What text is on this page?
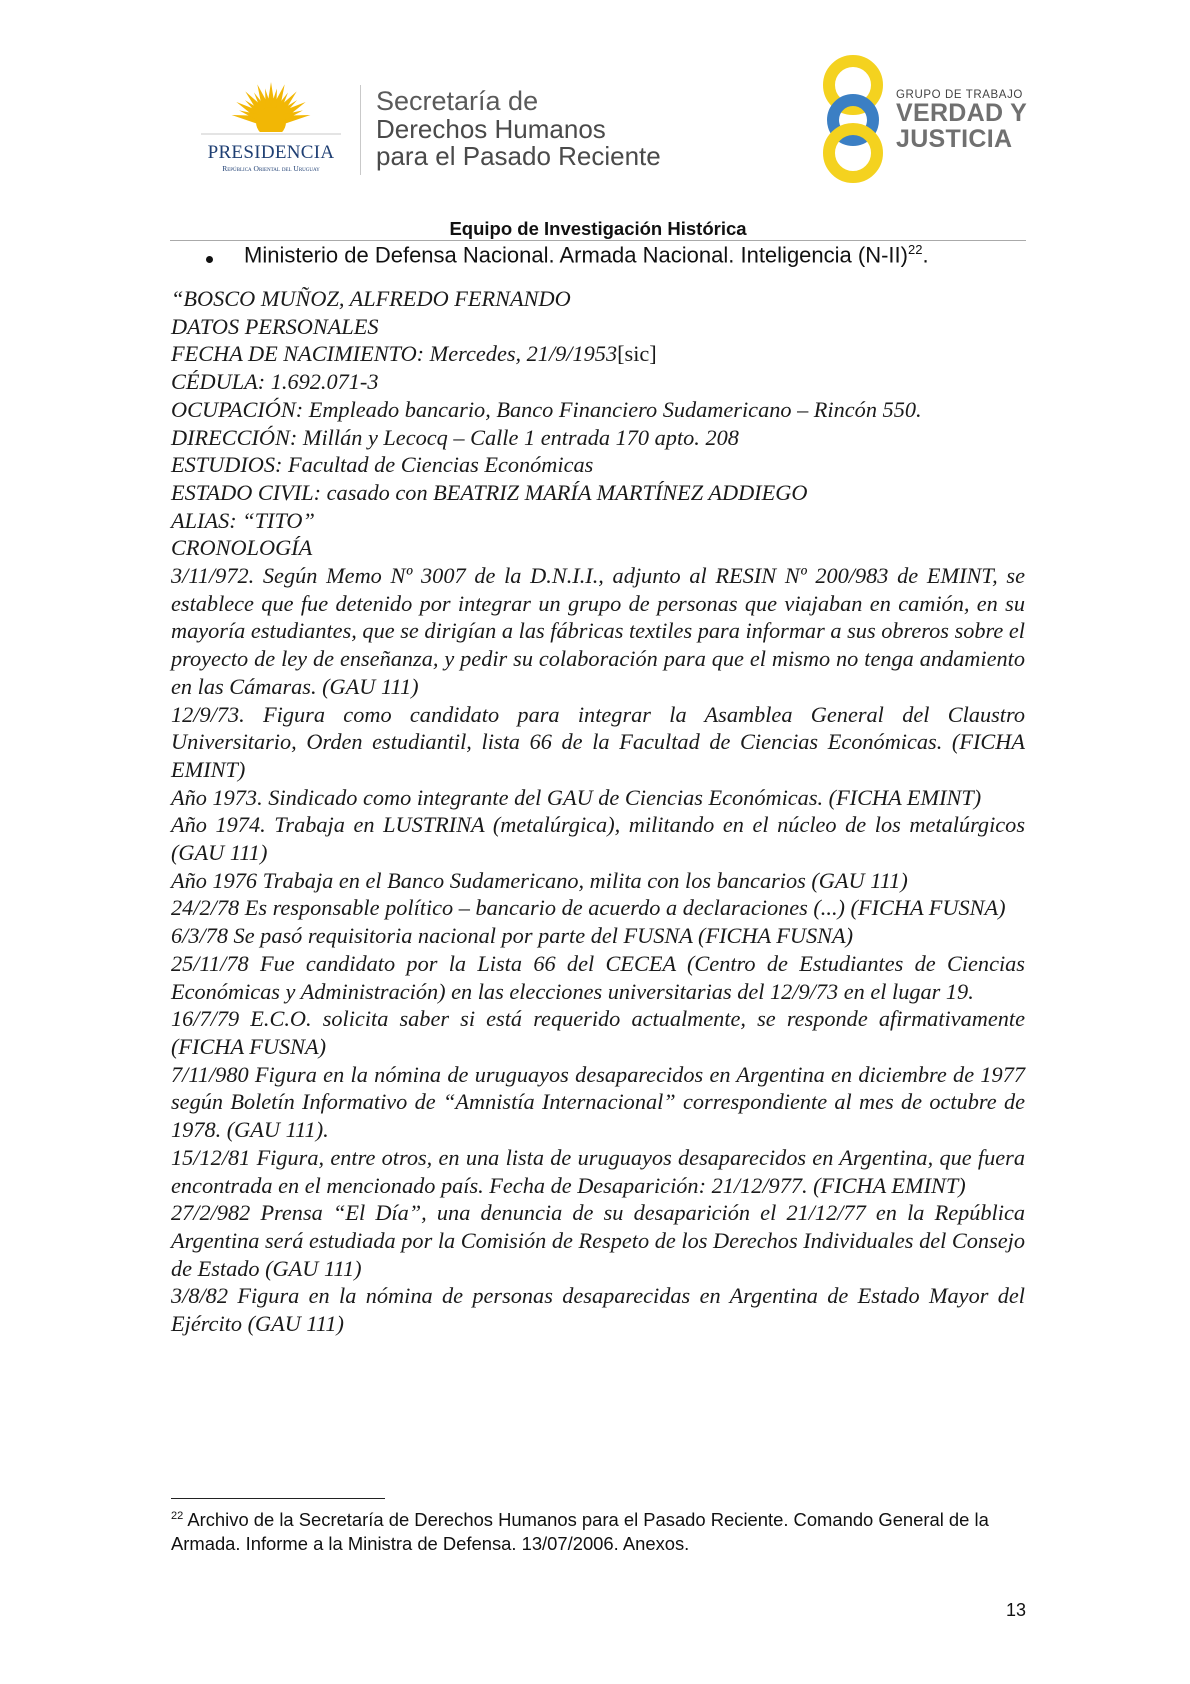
PRESIDENCIA
República Oriental del Uruguay
Secretaría de
Derechos Humanos
para el Pasado Reciente
GRUPO DE TRABAJO
VERDAD Y
JUSTICIA
Equipo de Investigación Histórica
Ministerio de Defensa Nacional. Armada Nacional. Inteligencia $(N-II)^{22}$.

“BOSCO MUÑOZ, ALFREDO FERNANDO

DATOS PERSONALES

FECHA DE NACIMIENTO: Mercedes, 21/9/1953[sic]

CÉDULA: 1.692.071-3

OCUPACIÓN: Empleado bancario, Banco Financiero Sudamericano – Rincón 550.

DIRECCIÓN: Millán y Lecocq – Calle 1 entrada 170 apto. 208

ESTUDIOS: Facultad de Ciencias Económicas

ESTADO CIVIL: casado con BEATRIZ MARÍA MARTÍNEZ ADDIEGO

ALIAS: “TITO”

CRONOLOGÍA

3/11/972. Según Memo Nº 3007 de la D.N.I.I., adjunto al RESIN Nº 200/983 de EMINT, se establece que fue detenido por integrar un grupo de personas que viajaban en camión, en su mayoría estudiantes, que se dirigían a las fábricas textiles para informar a sus obreros sobre el proyecto de ley de enseñanza, y pedir su colaboración para que el mismo no tenga andamiento en las Cámaras. (GAU 111)

12/9/73. Figura como candidato para integrar la Asamblea General del Claustro Universitario, Orden estudiantil, lista 66 de la Facultad de Ciencias Económicas. (FICHA EMINT)

Año 1973. Sindicado como integrante del GAU de Ciencias Económicas. (FICHA EMINT)

Año 1974. Trabaja en LUSTRINA (metalúrgica), militando en el núcleo de los metalúrgicos (GAU 111)

Año 1976 Trabaja en el Banco Sudamericano, milita con los bancarios (GAU 111)

24/2/78 Es responsable político – bancario de acuerdo a declaraciones (...) (FICHA FUSNA)

6/3/78 Se pasó requisitoria nacional por parte del FUSNA (FICHA FUSNA)

25/11/78 Fue candidato por la Lista 66 del CECEA (Centro de Estudiantes de Ciencias Económicas y Administración) en las elecciones universitarias del 12/9/73 en el lugar 19.

16/7/79 E.C.O. solicita saber si está requerido actualmente, se responde afirmativamente (FICHA FUSNA)

7/11/980 Figura en la nómina de uruguayos desaparecidos en Argentina en diciembre de 1977 según Boletín Informativo de “Amnistía Internacional” correspondiente al mes de octubre de 1978. (GAU 111).

15/12/81 Figura, entre otros, en una lista de uruguayos desaparecidos en Argentina, que fuera encontrada en el mencionado país. Fecha de Desaparición: 21/12/977. (FICHA EMINT)

27/2/982 Prensa “El Día”, una denuncia de su desaparición el 21/12/77 en la República Argentina será estudiada por la Comisión de Respeto de los Derechos Individuales del Consejo de Estado (GAU 111)

3/8/82 Figura en la nómina de personas desaparecidas en Argentina de Estado Mayor del Ejército (GAU 111)

$^{22}$ Archivo de la Secretaría de Derechos Humanos para el Pasado Reciente. Comando General de la Armada. Informe a la Ministra de Defensa. 13/07/2006. Anexos.
13
